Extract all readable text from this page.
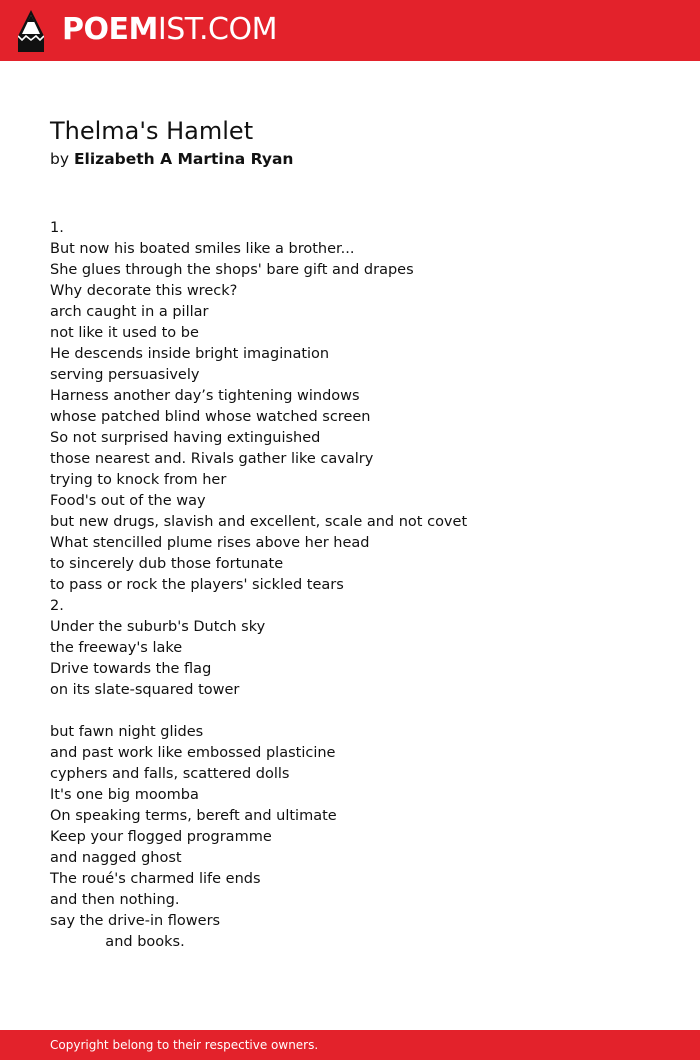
POEMIST.COM
Thelma's Hamlet
by Elizabeth A Martina Ryan
1.
But now his boated smiles like a brother...
She glues through the shops' bare gift and drapes
Why decorate this wreck?
arch caught in a pillar
not like it used to be
He descends inside bright imagination
serving persuasively
Harness another day’s tightening windows
whose patched blind whose watched screen
So not surprised having extinguished
those nearest and. Rivals gather like cavalry
trying to knock from her
Food's out of the way
but new drugs, slavish and excellent, scale and not covet
What stencilled plume rises above her head
to sincerely dub those fortunate
to pass or rock the players' sickled tears
2.
Under the suburb's Dutch sky
the freeway's lake
Drive towards the flag
on its slate-squared tower
but fawn night glides
and past work like embossed plasticine
cyphers and falls, scattered dolls
It's one big moomba
On speaking terms, bereft and ultimate
Keep your flogged programme
and nagged ghost
The roué's charmed life ends
and then nothing.
say the drive-in flowers
and books.
Copyright belong to their respective owners.
